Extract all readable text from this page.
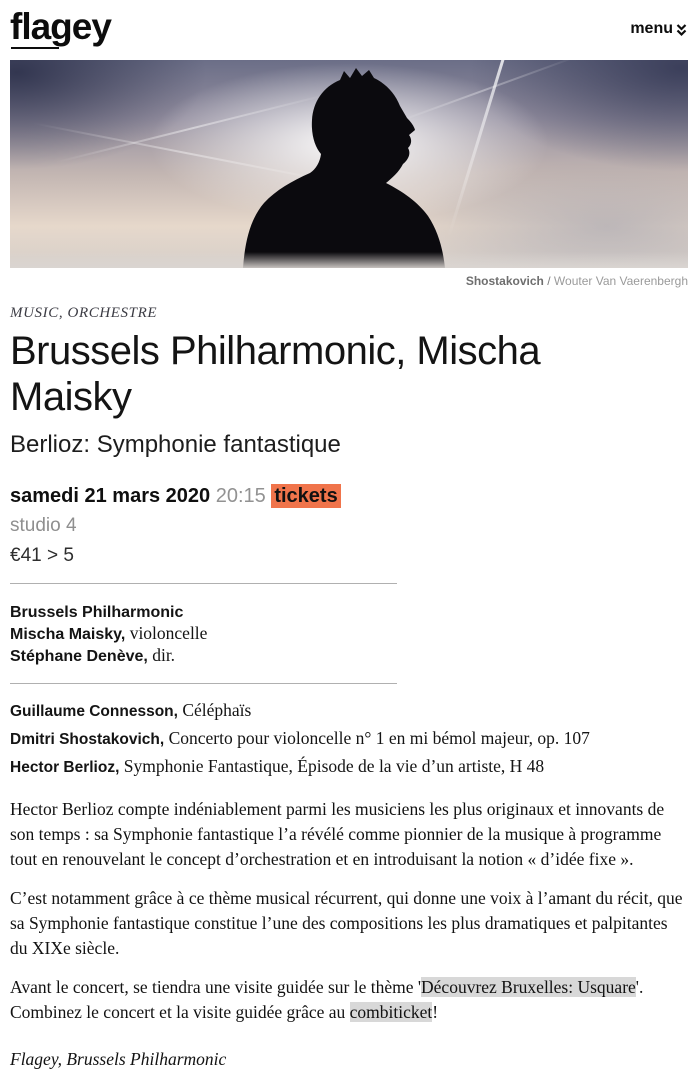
flagey	menu
Shostakovich / Wouter Van Vaerenbergh
MUSIC, ORCHESTRE
Brussels Philharmonic, Mischa Maisky
Berlioz: Symphonie fantastique
samedi 21 mars 2020 20:15 tickets
studio 4
€41 > 5
Brussels Philharmonic
Mischa Maisky, violoncelle
Stéphane Denève, dir.
Guillaume Connesson, Céléphaïs
Dmitri Shostakovich, Concerto pour violoncelle n° 1 en mi bémol majeur, op. 107
Hector Berlioz, Symphonie Fantastique, Épisode de la vie d’un artiste, H 48

Hector Berlioz compte indéniablement parmi les musiciens les plus originaux et innovants de son temps : sa Symphonie fantastique l’a révélé comme pionnier de la musique à programme tout en renouvelant le concept d’orchestration et en introduisant la notion « d’idée fixe ».

C’est notamment grâce à ce thème musical récurrent, qui donne une voix à l’amant du récit, que sa Symphonie fantastique constitue l’une des compositions les plus dramatiques et palpitantes du XIXe siècle.

Avant le concert, se tiendra une visite guidée sur le thème 'Découvrez Bruxelles: Usquare'. Combinez le concert et la visite guidée grâce au combiticket!

Flagey, Brussels Philharmonic
